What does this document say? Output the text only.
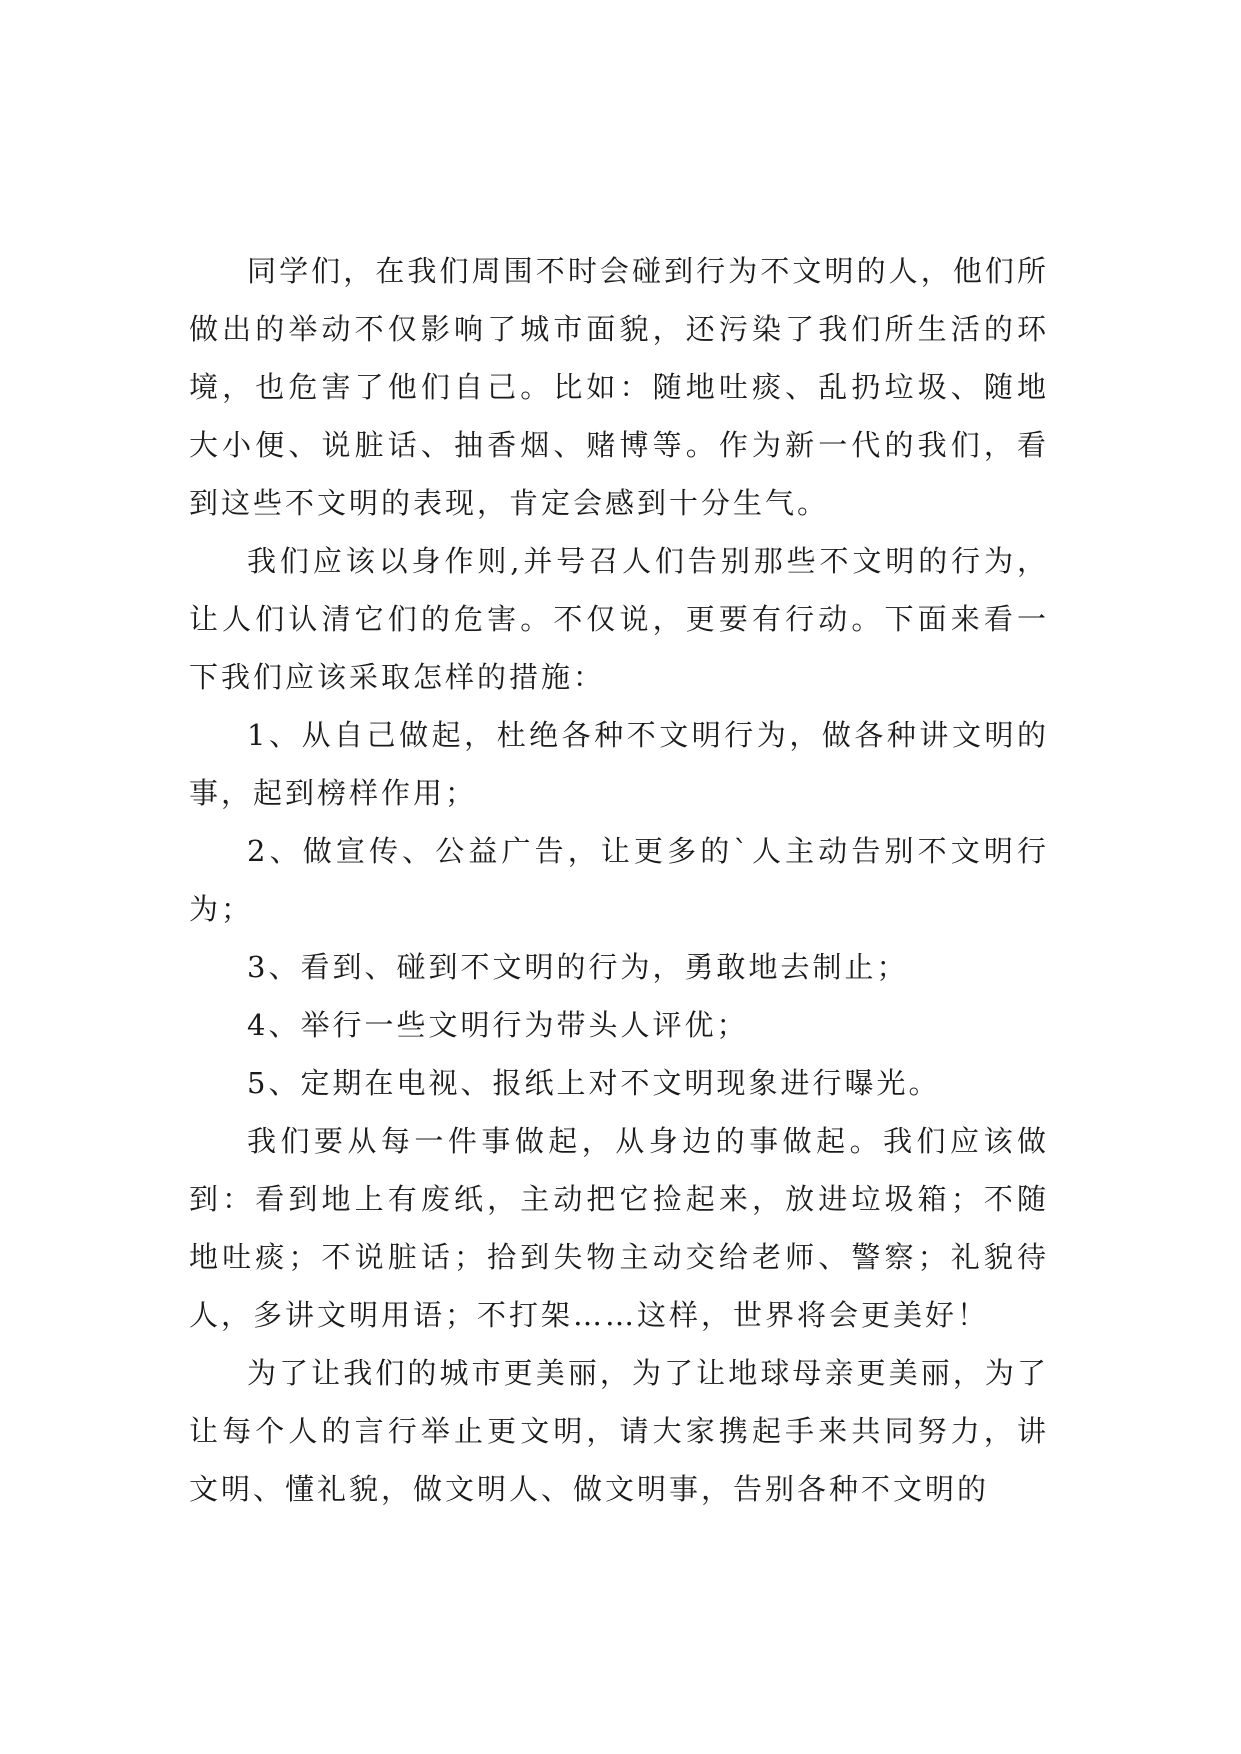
同学们，在我们周围不时会碰到行为不文明的人，他们所做出的举动不仅影响了城市面貌，还污染了我们所生活的环境，也危害了他们自己。比如：随地吐痰、乱扔垃圾、随地大小便、说脏话、抽香烟、赌博等。作为新一代的我们，看到这些不文明的表现，肯定会感到十分生气。

我们应该以身作则,并号召人们告别那些不文明的行为，让人们认清它们的危害。不仅说，更要有行动。下面来看一下我们应该采取怎样的措施：

1、从自己做起，杜绝各种不文明行为，做各种讲文明的事，起到榜样作用；

2、做宣传、公益广告，让更多的`人主动告别不文明行为；

3、看到、碰到不文明的行为，勇敢地去制止；

4、举行一些文明行为带头人评优；

5、定期在电视、报纸上对不文明现象进行曝光。

我们要从每一件事做起，从身边的事做起。我们应该做到：看到地上有废纸，主动把它捡起来，放进垃圾箱；不随地吐痰；不说脏话；拾到失物主动交给老师、警察；礼貌待人，多讲文明用语；不打架……这样，世界将会更美好！

为了让我们的城市更美丽，为了让地球母亲更美丽，为了让每个人的言行举止更文明，请大家携起手来共同努力，讲文明、懂礼貌，做文明人、做文明事，告别各种不文明的
